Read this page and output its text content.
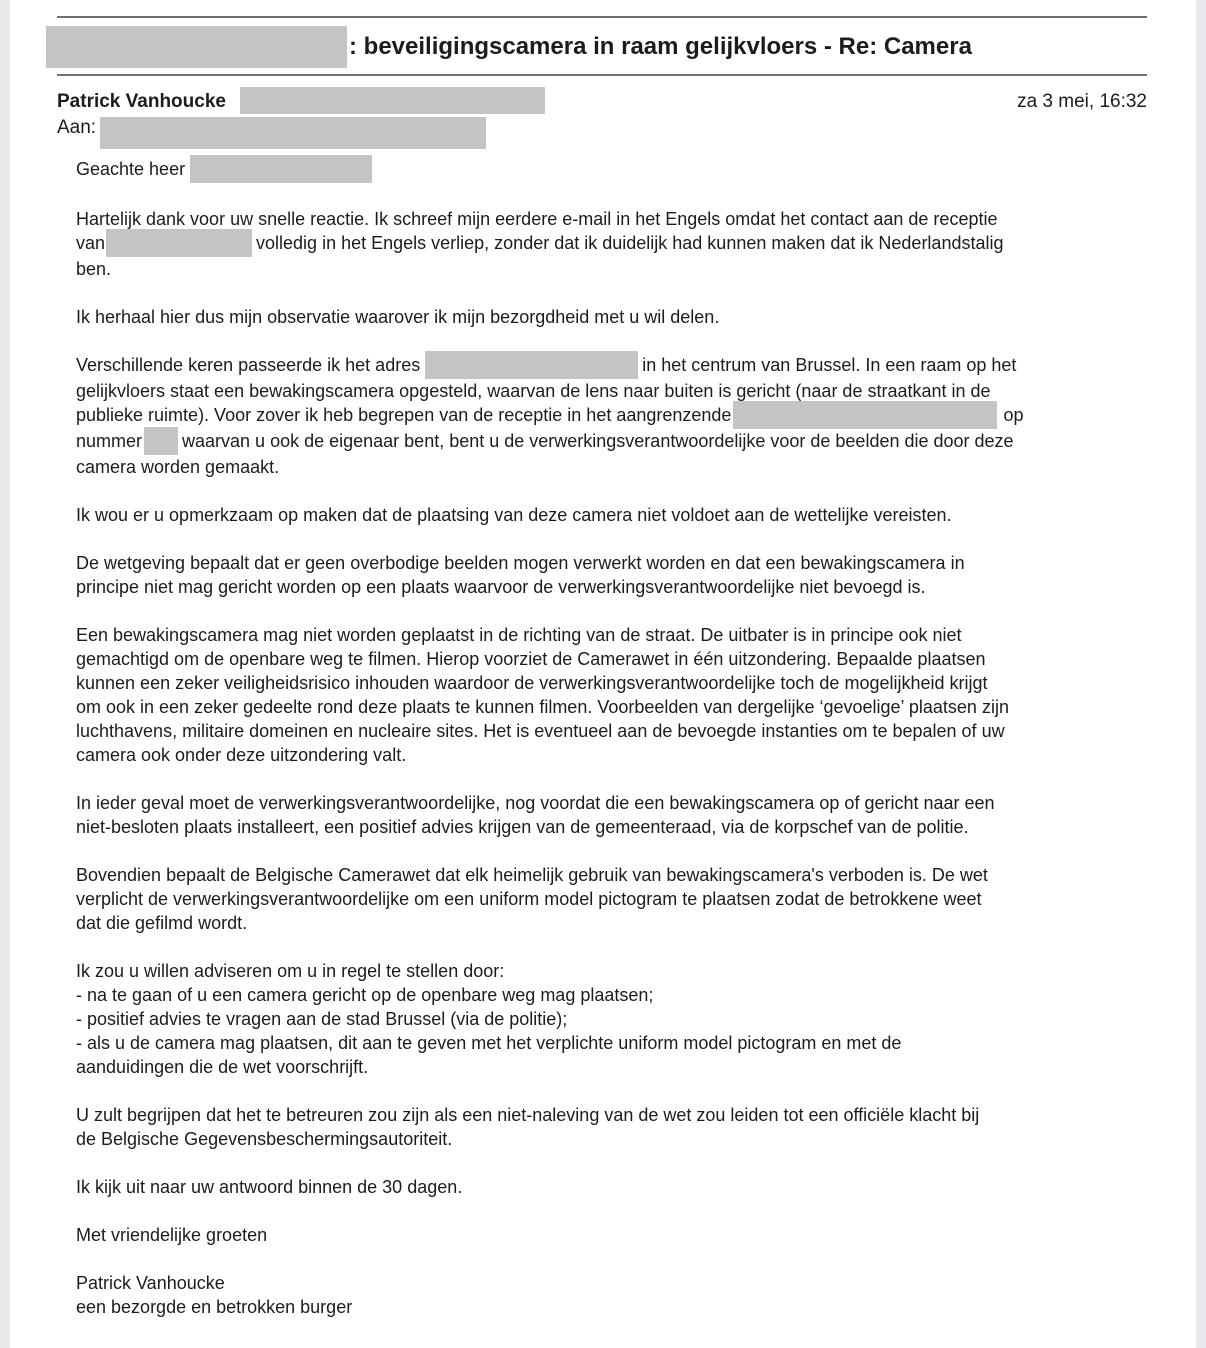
: beveiligingscamera in raam gelijkvloers - Re: Camera
Patrick Vanhoucke	za 3 mei, 16:32
Aan:

Geachte heer

Hartelijk dank voor uw snelle reactie. Ik schreef mijn eerdere e-mail in het Engels omdat het contact aan de receptie
van	volledig in het Engels verliep, zonder dat ik duidelijk had kunnen maken dat ik Nederlandstalig
ben.

Ik herhaal hier dus mijn observatie waarover ik mijn bezorgdheid met u wil delen.

Verschillende keren passeerde ik het adres	in het centrum van Brussel. In een raam op het
gelijkvloers staat een bewakingscamera opgesteld, waarvan de lens naar buiten is gericht (naar de straatkant in de
publieke ruimte). Voor zover ik heb begrepen van de receptie in het aangrenzende	op
nummer waarvan u ook de eigenaar bent, bent u de verwerkingsverantwoordelijke voor de beelden die door deze
camera worden gemaakt.

Ik wou er u opmerkzaam op maken dat de plaatsing van deze camera niet voldoet aan de wettelijke vereisten.

De wetgeving bepaalt dat er geen overbodige beelden mogen verwerkt worden en dat een bewakingscamera in
principe niet mag gericht worden op een plaats waarvoor de verwerkingsverantwoordelijke niet bevoegd is.

Een bewakingscamera mag niet worden geplaatst in de richting van de straat. De uitbater is in principe ook niet
gemachtigd om de openbare weg te filmen. Hierop voorziet de Camerawet in één uitzondering. Bepaalde plaatsen
kunnen een zeker veiligheidsrisico inhouden waardoor de verwerkingsverantwoordelijke toch de mogelijkheid krijgt
om ook in een zeker gedeelte rond deze plaats te kunnen filmen. Voorbeelden van dergelijke ‘gevoelige’ plaatsen zijn
luchthavens, militaire domeinen en nucleaire sites. Het is eventueel aan de bevoegde instanties om te bepalen of uw
camera ook onder deze uitzondering valt.

In ieder geval moet de verwerkingsverantwoordelijke, nog voordat die een bewakingscamera op of gericht naar een
niet-besloten plaats installeert, een positief advies krijgen van de gemeenteraad, via de korpschef van de politie.

Bovendien bepaalt de Belgische Camerawet dat elk heimelijk gebruik van bewakingscamera's verboden is. De wet
verplicht de verwerkingsverantwoordelijke om een uniform model pictogram te plaatsen zodat de betrokkene weet
dat die gefilmd wordt.

Ik zou u willen adviseren om u in regel te stellen door:
- na te gaan of u een camera gericht op de openbare weg mag plaatsen;
- positief advies te vragen aan de stad Brussel (via de politie);
- als u de camera mag plaatsen, dit aan te geven met het verplichte uniform model pictogram en met de
aanduidingen die de wet voorschrijft.

U zult begrijpen dat het te betreuren zou zijn als een niet-naleving van de wet zou leiden tot een officiële klacht bij
de Belgische Gegevensbeschermingsautoriteit.

Ik kijk uit naar uw antwoord binnen de 30 dagen.

Met vriendelijke groeten

Patrick Vanhoucke
een bezorgde en betrokken burger
